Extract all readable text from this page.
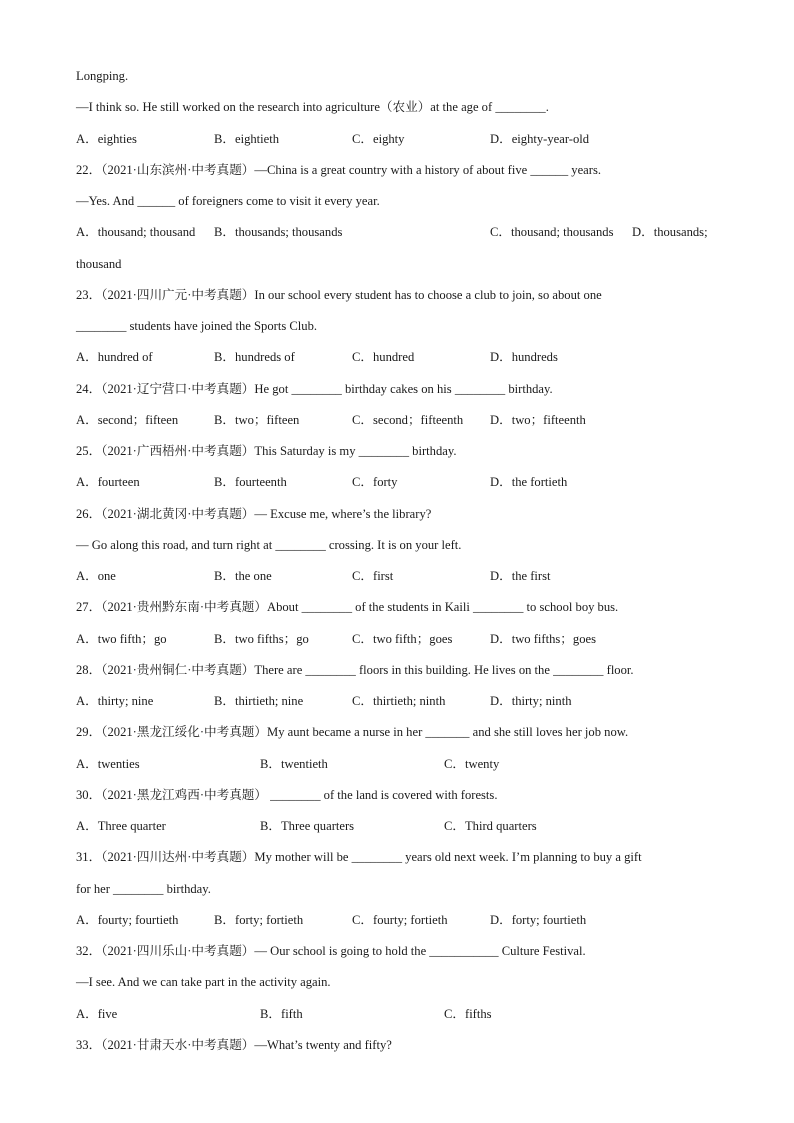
Longping.
—I think so. He still worked on the research into agriculture（农业）at the age of ________.
A．eighties	B．eightieth	C．eighty	D．eighty-year-old
22．（2021·山东滨州·中考真题）—China is a great country with a history of about five ______ years.
—Yes. And ______ of foreigners come to visit it every year.
A．thousand; thousand B．thousands; thousands	C．thousand; thousands D．thousands;
thousand
23．（2021·四川广元·中考真题）In our school every student has to choose a club to join, so about one
________ students have joined the Sports Club.
A．hundred of	B．hundreds of	C．hundred	D．hundreds
24．（2021·辽宁营口·中考真题）He got ________ birthday cakes on his ________ birthday.
A．second；fifteen	B．two；fifteen	C．second；fifteenth D．two；fifteenth
25．（2021·广西梧州·中考真题）This Saturday is my ________ birthday.
A．fourteen	B．fourteenth	C．forty	D．the fortieth
26．（2021·湖北黄冈·中考真题）— Excuse me, where’s the library?
— Go along this road, and turn right at ________ crossing. It is on your left.
A．one	B．the one	C．first	D．the first
27．（2021·贵州黔东南·中考真题）About ________ of the students in Kaili ________ to school boy bus.
A．two fifth；go	B．two fifths；go	C．two fifth；goes	D．two fifths；goes
28．（2021·贵州铜仁·中考真题）There are ________ floors in this building. He lives on the ________ floor.
A．thirty; nine	B．thirtieth; nine	C．thirtieth; ninth	D．thirty; ninth
29．（2021·黑龙江绥化·中考真题）My aunt became a nurse in her _______ and she still loves her job now.
A．twenties	B．twentieth	C．twenty
30．（2021·黑龙江鸡西·中考真题） ________ of the land is covered with forests.
A．Three quarter	B．Three quarters	C．Third quarters
31．（2021·四川达州·中考真题）My mother will be ________ years old next week. I’m planning to buy a gift
for her ________ birthday.
A．fourty; fourtieth	B．forty; fortieth	C．fourty; fortieth	D．forty; fourtieth
32．（2021·四川乐山·中考真题）— Our school is going to hold the ___________ Culture Festival.
—I see. And we can take part in the activity again.
A．five	B．fifth	C．fifths
33．（2021·甘肃天水·中考真题）—What’s twenty and fifty?
